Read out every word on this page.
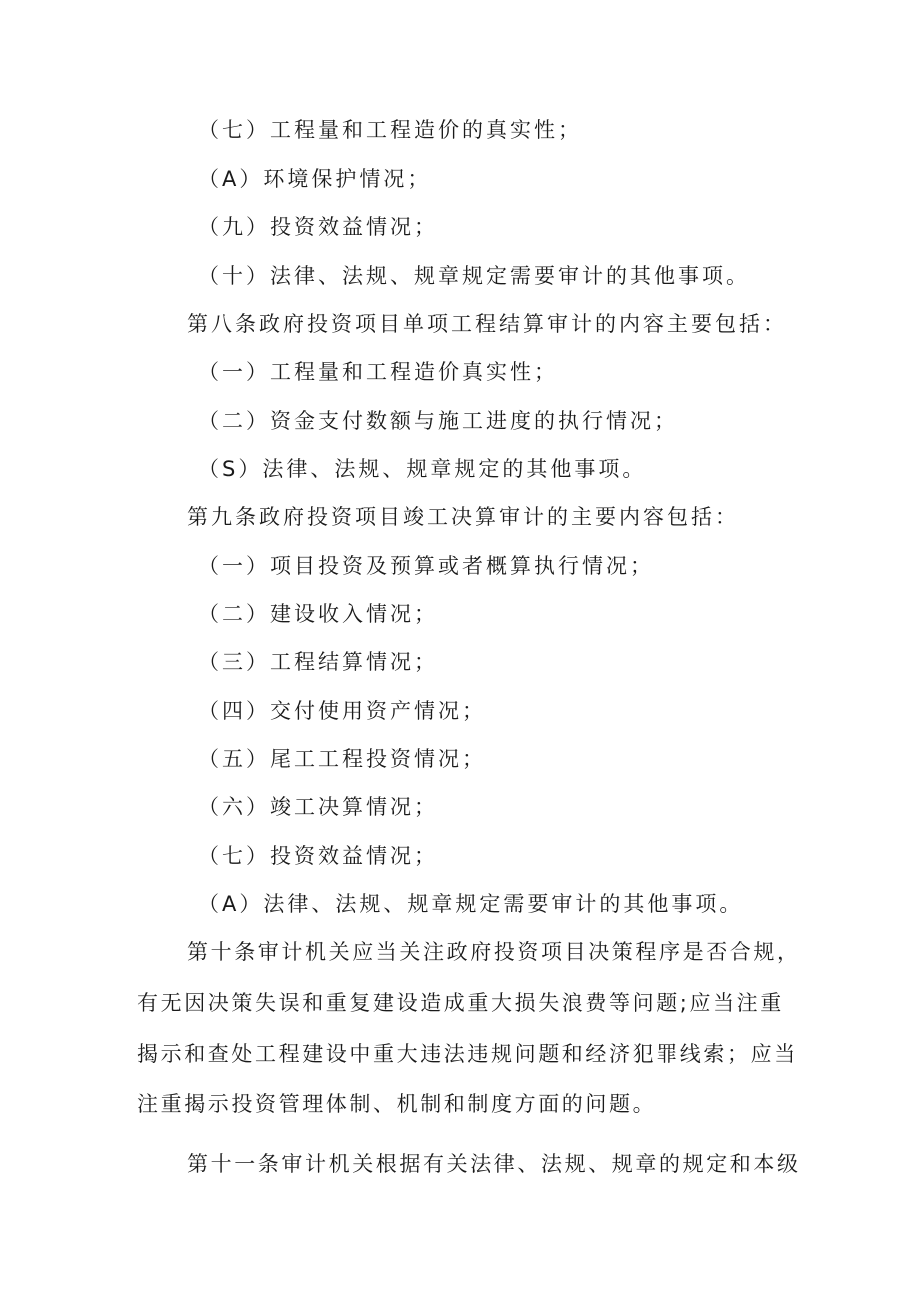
（七）工程量和工程造价的真实性；
（A）环境保护情况；
（九）投资效益情况；
（十）法律、法规、规章规定需要审计的其他事项。
第八条政府投资项目单项工程结算审计的内容主要包括：
（一）工程量和工程造价真实性；
（二）资金支付数额与施工进度的执行情况；
（S）法律、法规、规章规定的其他事项。
第九条政府投资项目竣工决算审计的主要内容包括：
（一）项目投资及预算或者概算执行情况；
（二）建设收入情况；
（三）工程结算情况；
（四）交付使用资产情况；
（五）尾工工程投资情况；
（六）竣工决算情况；
（七）投资效益情况；
（A）法律、法规、规章规定需要审计的其他事项。
第十条审计机关应当关注政府投资项目决策程序是否合规，
有无因决策失误和重复建设造成重大损失浪费等问题;应当注重
揭示和查处工程建设中重大违法违规问题和经济犯罪线索；应当
注重揭示投资管理体制、机制和制度方面的问题。
第十一条审计机关根据有关法律、法规、规章的规定和本级
